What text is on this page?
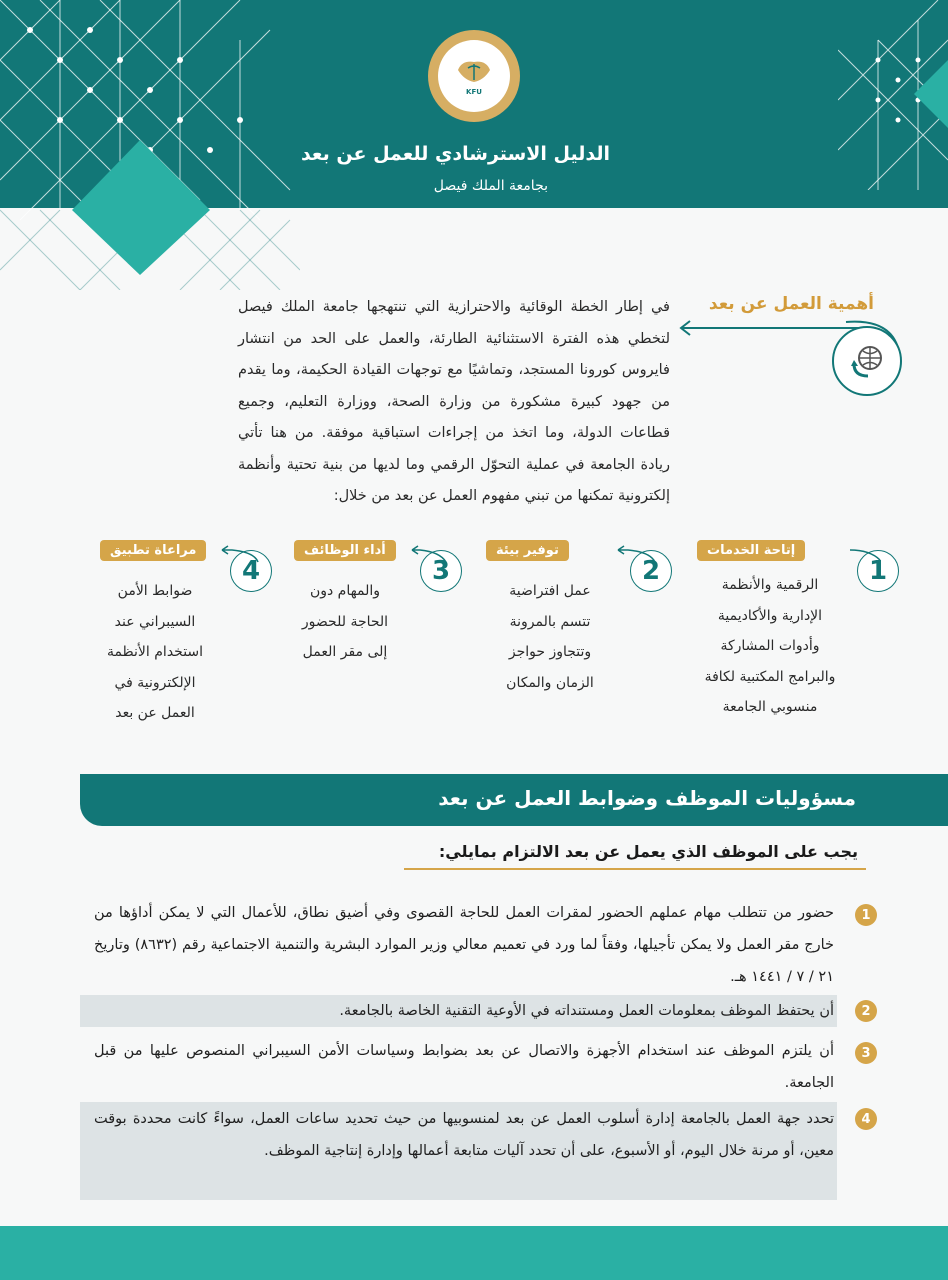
KFU
الدليل الاسترشادي للعمل عن بعد
بجامعة الملك فيصل
أهمية العمل عن بعد
في إطار الخطة الوقائية والاحترازية التي تنتهجها جامعة الملك فيصل لتخطي هذه الفترة الاستثنائية الطارئة، والعمل على الحد من انتشار فايروس كورونا المستجد، وتماشيًا مع توجهات القيادة الحكيمة، وما يقدم من جهود كبيرة مشكورة من وزارة الصحة، ووزارة التعليم، وجميع قطاعات الدولة، وما اتخذ من إجراءات استباقية موفقة. من هنا تأتي ريادة الجامعة في عملية التحوّل الرقمي وما لديها من بنية تحتية وأنظمة إلكترونية تمكنها من تبني مفهوم العمل عن بعد من خلال:
1
إتاحة الخدمات
الرقمية والأنظمة
الإدارية والأكاديمية
وأدوات المشاركة
والبرامج المكتبية لكافة
منسوبي الجامعة
2
توفير بيئة
عمل افتراضية
تتسم بالمرونة
وتتجاوز حواجز
الزمان والمكان
3
أداء الوظائف
والمهام دون
الحاجة للحضور
إلى مقر العمل
4
مراعاة تطبيق
ضوابط الأمن
السيبراني عند
استخدام الأنظمة
الإلكترونية في
العمل عن بعد
مسؤوليات الموظف وضوابط العمل عن بعد
يجب على الموظف الذي يعمل عن بعد الالتزام بمايلي:
1
حضور من تتطلب مهام عملهم الحضور لمقرات العمل للحاجة القصوى وفي أضيق نطاق، للأعمال التي لا يمكن أداؤها من خارج مقر العمل ولا يمكن تأجيلها، وفقاً لما ورد في تعميم معالي وزير الموارد البشرية والتنمية الاجتماعية رقم (٨٦٣٢) وتاريخ ٢١ / ٧ / ١٤٤١ هـ.
2
أن يحتفظ الموظف بمعلومات العمل ومستنداته في الأوعية التقنية الخاصة بالجامعة.
3
أن يلتزم الموظف عند استخدام الأجهزة والاتصال عن بعد بضوابط وسياسات الأمن السيبراني المنصوص عليها من قبل الجامعة.
4
تحدد جهة العمل بالجامعة إدارة أسلوب العمل عن بعد لمنسوبيها من حيث تحديد ساعات العمل، سواءً كانت محددة بوقت معين، أو مرنة خلال اليوم، أو الأسبوع، على أن تحدد آليات متابعة أعمالها وإدارة إنتاجية الموظف.
